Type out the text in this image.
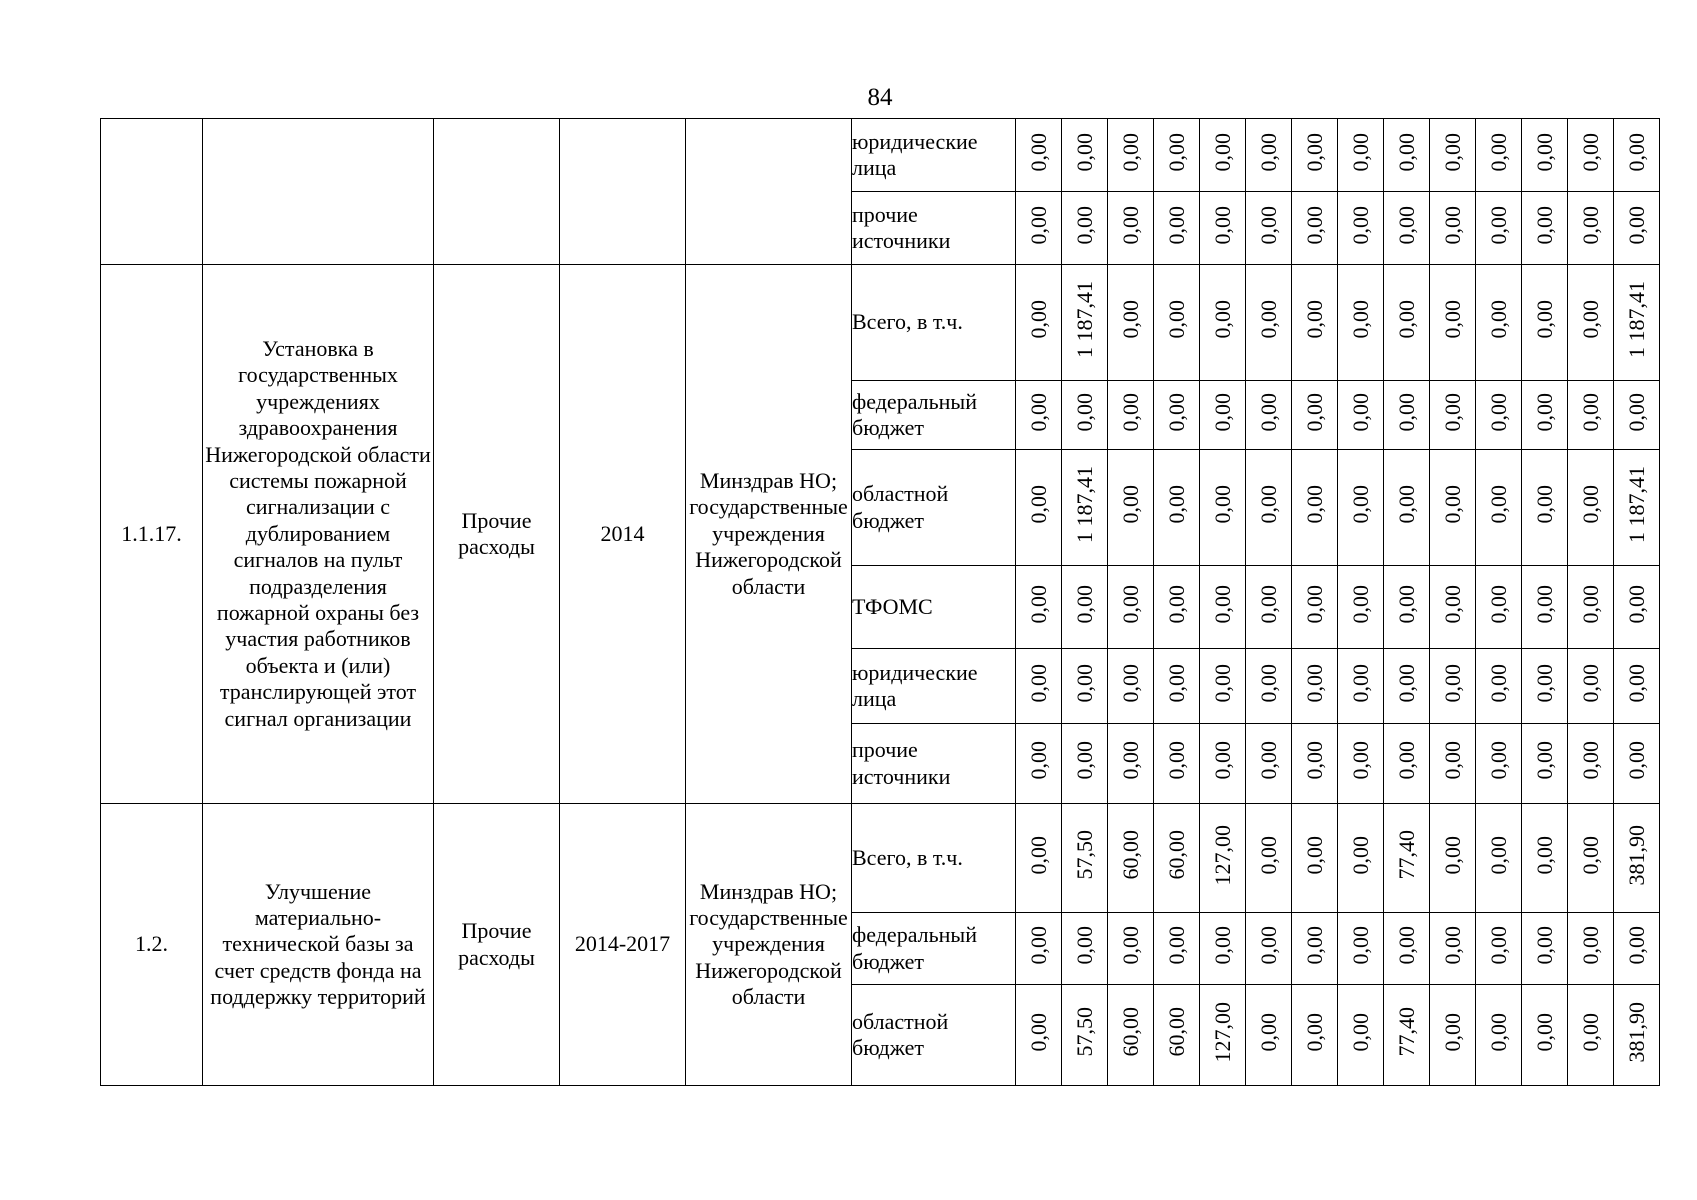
84
					юридические лица	0,00	0,00	0,00	0,00	0,00	0,00	0,00	0,00	0,00	0,00	0,00	0,00	0,00	0,00
					прочие источники	0,00	0,00	0,00	0,00	0,00	0,00	0,00	0,00	0,00	0,00	0,00	0,00	0,00	0,00
1.1.17.	Установка в государственных учреждениях здравоохранения Нижегородской области системы пожарной сигнализации с дублированием сигналов на пульт подразделения пожарной охраны без участия работников объекта и (или) транслирующей этот сигнал организации	Прочие расходы	2014	Минздрав НО; государственные учреждения Нижегородской области	Всего, в т.ч.	0,00	1 187,41	0,00	0,00	0,00	0,00	0,00	0,00	0,00	0,00	0,00	0,00	0,00	1 187,41
					федеральный бюджет	0,00	0,00	0,00	0,00	0,00	0,00	0,00	0,00	0,00	0,00	0,00	0,00	0,00	0,00
					областной бюджет	0,00	1 187,41	0,00	0,00	0,00	0,00	0,00	0,00	0,00	0,00	0,00	0,00	0,00	1 187,41
					ТФОМС	0,00	0,00	0,00	0,00	0,00	0,00	0,00	0,00	0,00	0,00	0,00	0,00	0,00	0,00
					юридические лица	0,00	0,00	0,00	0,00	0,00	0,00	0,00	0,00	0,00	0,00	0,00	0,00	0,00	0,00
					прочие источники	0,00	0,00	0,00	0,00	0,00	0,00	0,00	0,00	0,00	0,00	0,00	0,00	0,00	0,00
1.2.	Улучшение материально-технической базы за счет средств фонда на поддержку территорий	Прочие расходы	2014-2017	Минздрав НО; государственные учреждения Нижегородской области	Всего, в т.ч.	0,00	57,50	60,00	60,00	127,00	0,00	0,00	0,00	77,40	0,00	0,00	0,00	0,00	381,90
					федеральный бюджет	0,00	0,00	0,00	0,00	0,00	0,00	0,00	0,00	0,00	0,00	0,00	0,00	0,00	0,00
					областной бюджет	0,00	57,50	60,00	60,00	127,00	0,00	0,00	0,00	77,40	0,00	0,00	0,00	0,00	381,90
